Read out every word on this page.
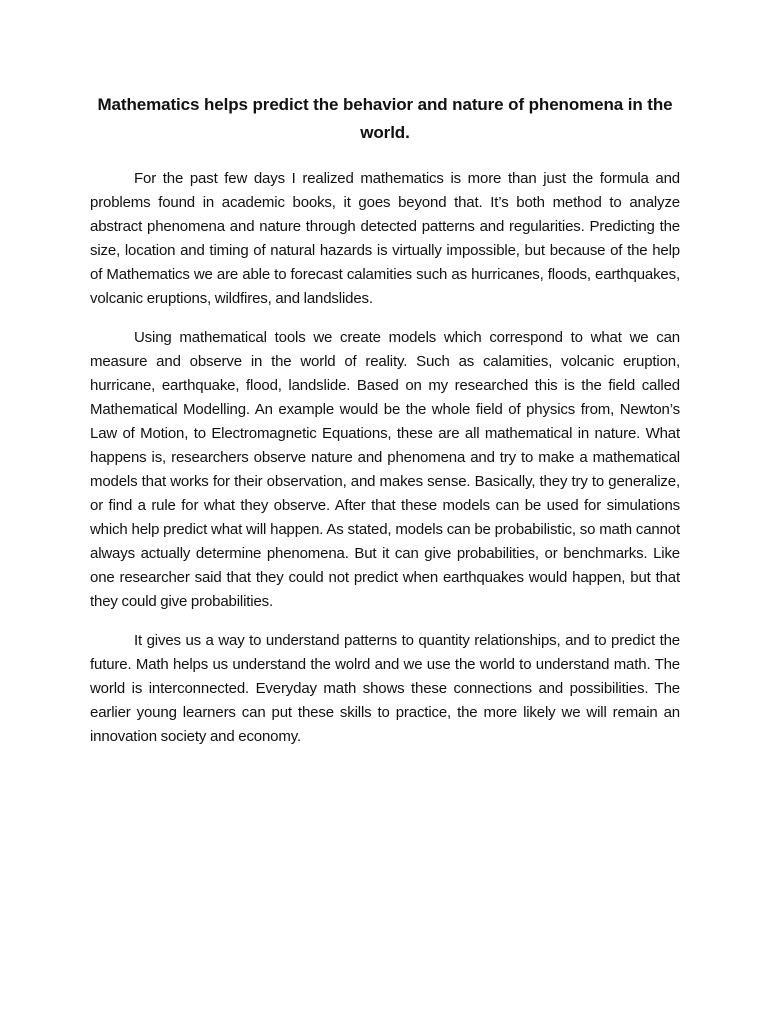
Mathematics helps predict the behavior and nature of phenomena in the world.

For the past few days I realized mathematics is more than just the formula and problems found in academic books, it goes beyond that. It’s both method to analyze abstract phenomena and nature through detected patterns and regularities. Predicting the size, location and timing of natural hazards is virtually impossible, but because of the help of Mathematics we are able to forecast calamities such as hurricanes, floods, earthquakes, volcanic eruptions, wildfires, and landslides.

Using mathematical tools we create models which correspond to what we can measure and observe in the world of reality. Such as calamities, volcanic eruption, hurricane, earthquake, flood, landslide. Based on my researched this is the field called Mathematical Modelling. An example would be the whole field of physics from, Newton’s Law of Motion, to Electromagnetic Equations, these are all mathematical in nature. What happens is, researchers observe nature and phenomena and try to make a mathematical models that works for their observation, and makes sense. Basically, they try to generalize, or find a rule for what they observe. After that these models can be used for simulations which help predict what will happen. As stated, models can be probabilistic, so math cannot always actually determine phenomena. But it can give probabilities, or benchmarks. Like one researcher said that they could not predict when earthquakes would happen, but that they could give probabilities.

It gives us a way to understand patterns to quantity relationships, and to predict the future. Math helps us understand the wolrd and we use the world to understand math. The world is interconnected. Everyday math shows these connections and possibilities. The earlier young learners can put these skills to practice, the more likely we will remain an innovation society and economy.
